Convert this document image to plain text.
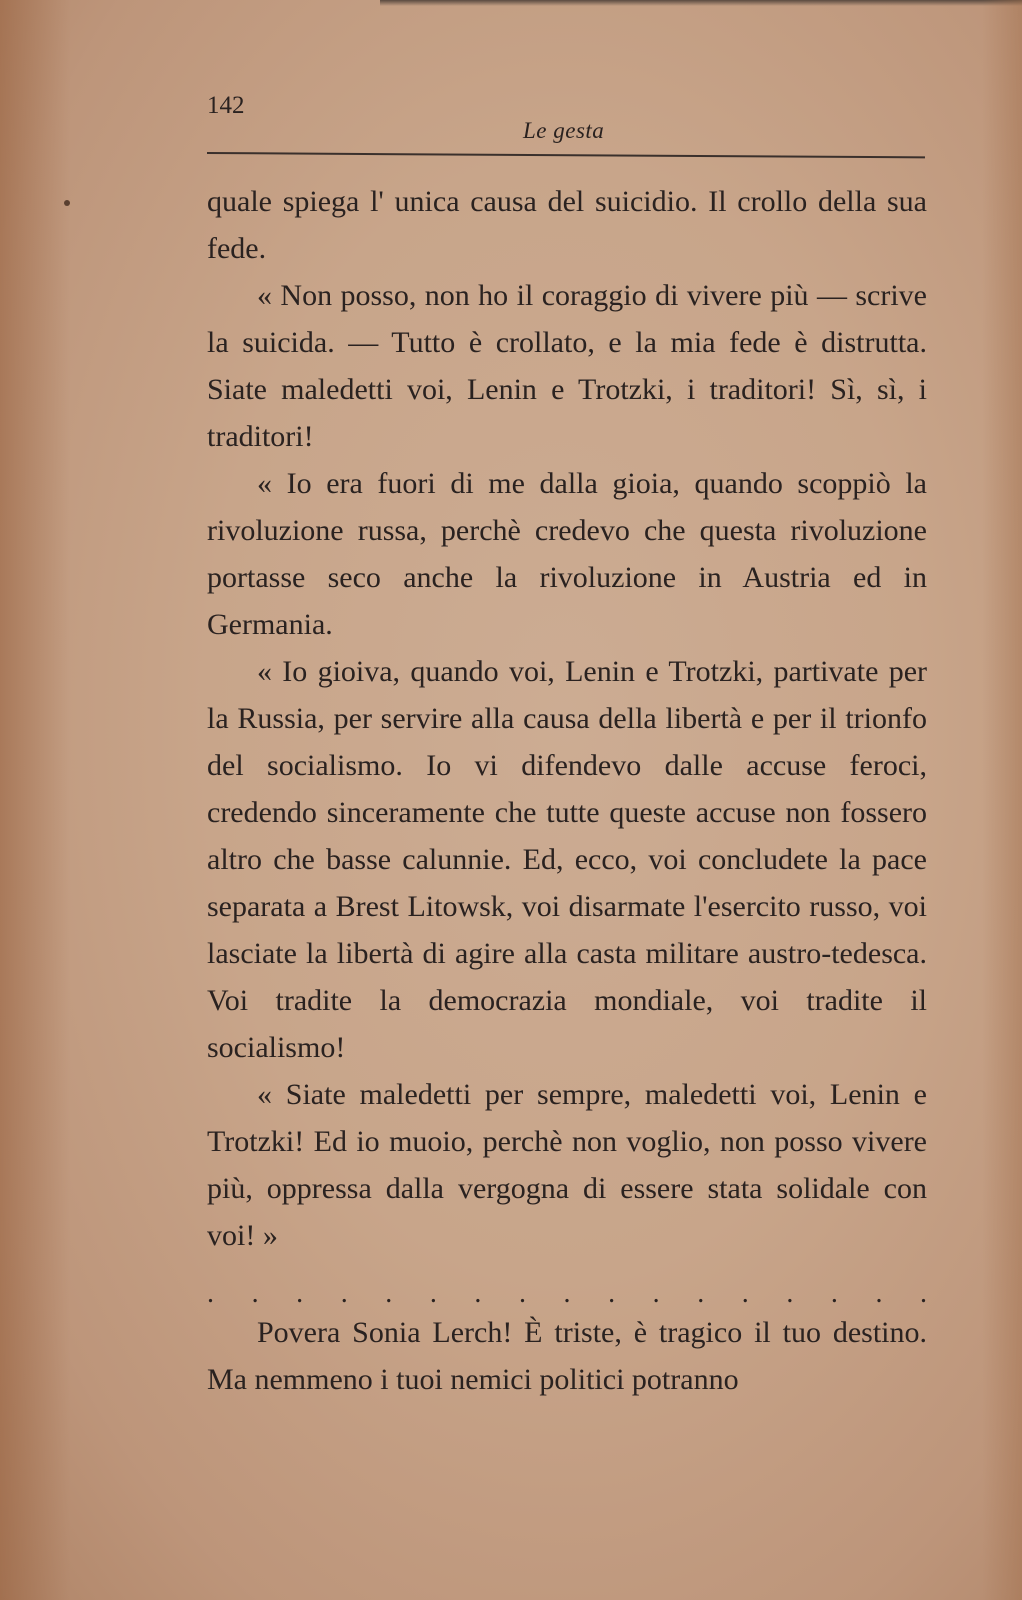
142
Le gesta

quale spiega l' unica causa del suicidio. Il crollo della sua fede.

« Non posso, non ho il coraggio di vivere più — scrive la suicida. — Tutto è crollato, e la mia fede è distrutta. Siate maledetti voi, Lenin e Trotzki, i traditori! Sì, sì, i traditori!

« Io era fuori di me dalla gioia, quando scoppiò la rivoluzione russa, perchè credevo che questa rivoluzione portasse seco anche la rivoluzione in Austria ed in Germania.

« Io gioiva, quando voi, Lenin e Trotzki, partivate per la Russia, per servire alla causa della libertà e per il trionfo del socialismo. Io vi difendevo dalle accuse feroci, credendo sinceramente che tutte queste accuse non fossero altro che basse calunnie. Ed, ecco, voi concludete la pace separata a Brest Litowsk, voi disarmate l'esercito russo, voi lasciate la libertà di agire alla casta militare austro-tedesca. Voi tradite la democrazia mondiale, voi tradite il socialismo!

« Siate maledetti per sempre, maledetti voi, Lenin e Trotzki! Ed io muoio, perchè non voglio, non posso vivere più, oppressa dalla vergogna di essere stata solidale con voi! »

. . . . . . . . . . . . . . . . .

Povera Sonia Lerch! È triste, è tragico il tuo destino. Ma nemmeno i tuoi nemici politici potranno
